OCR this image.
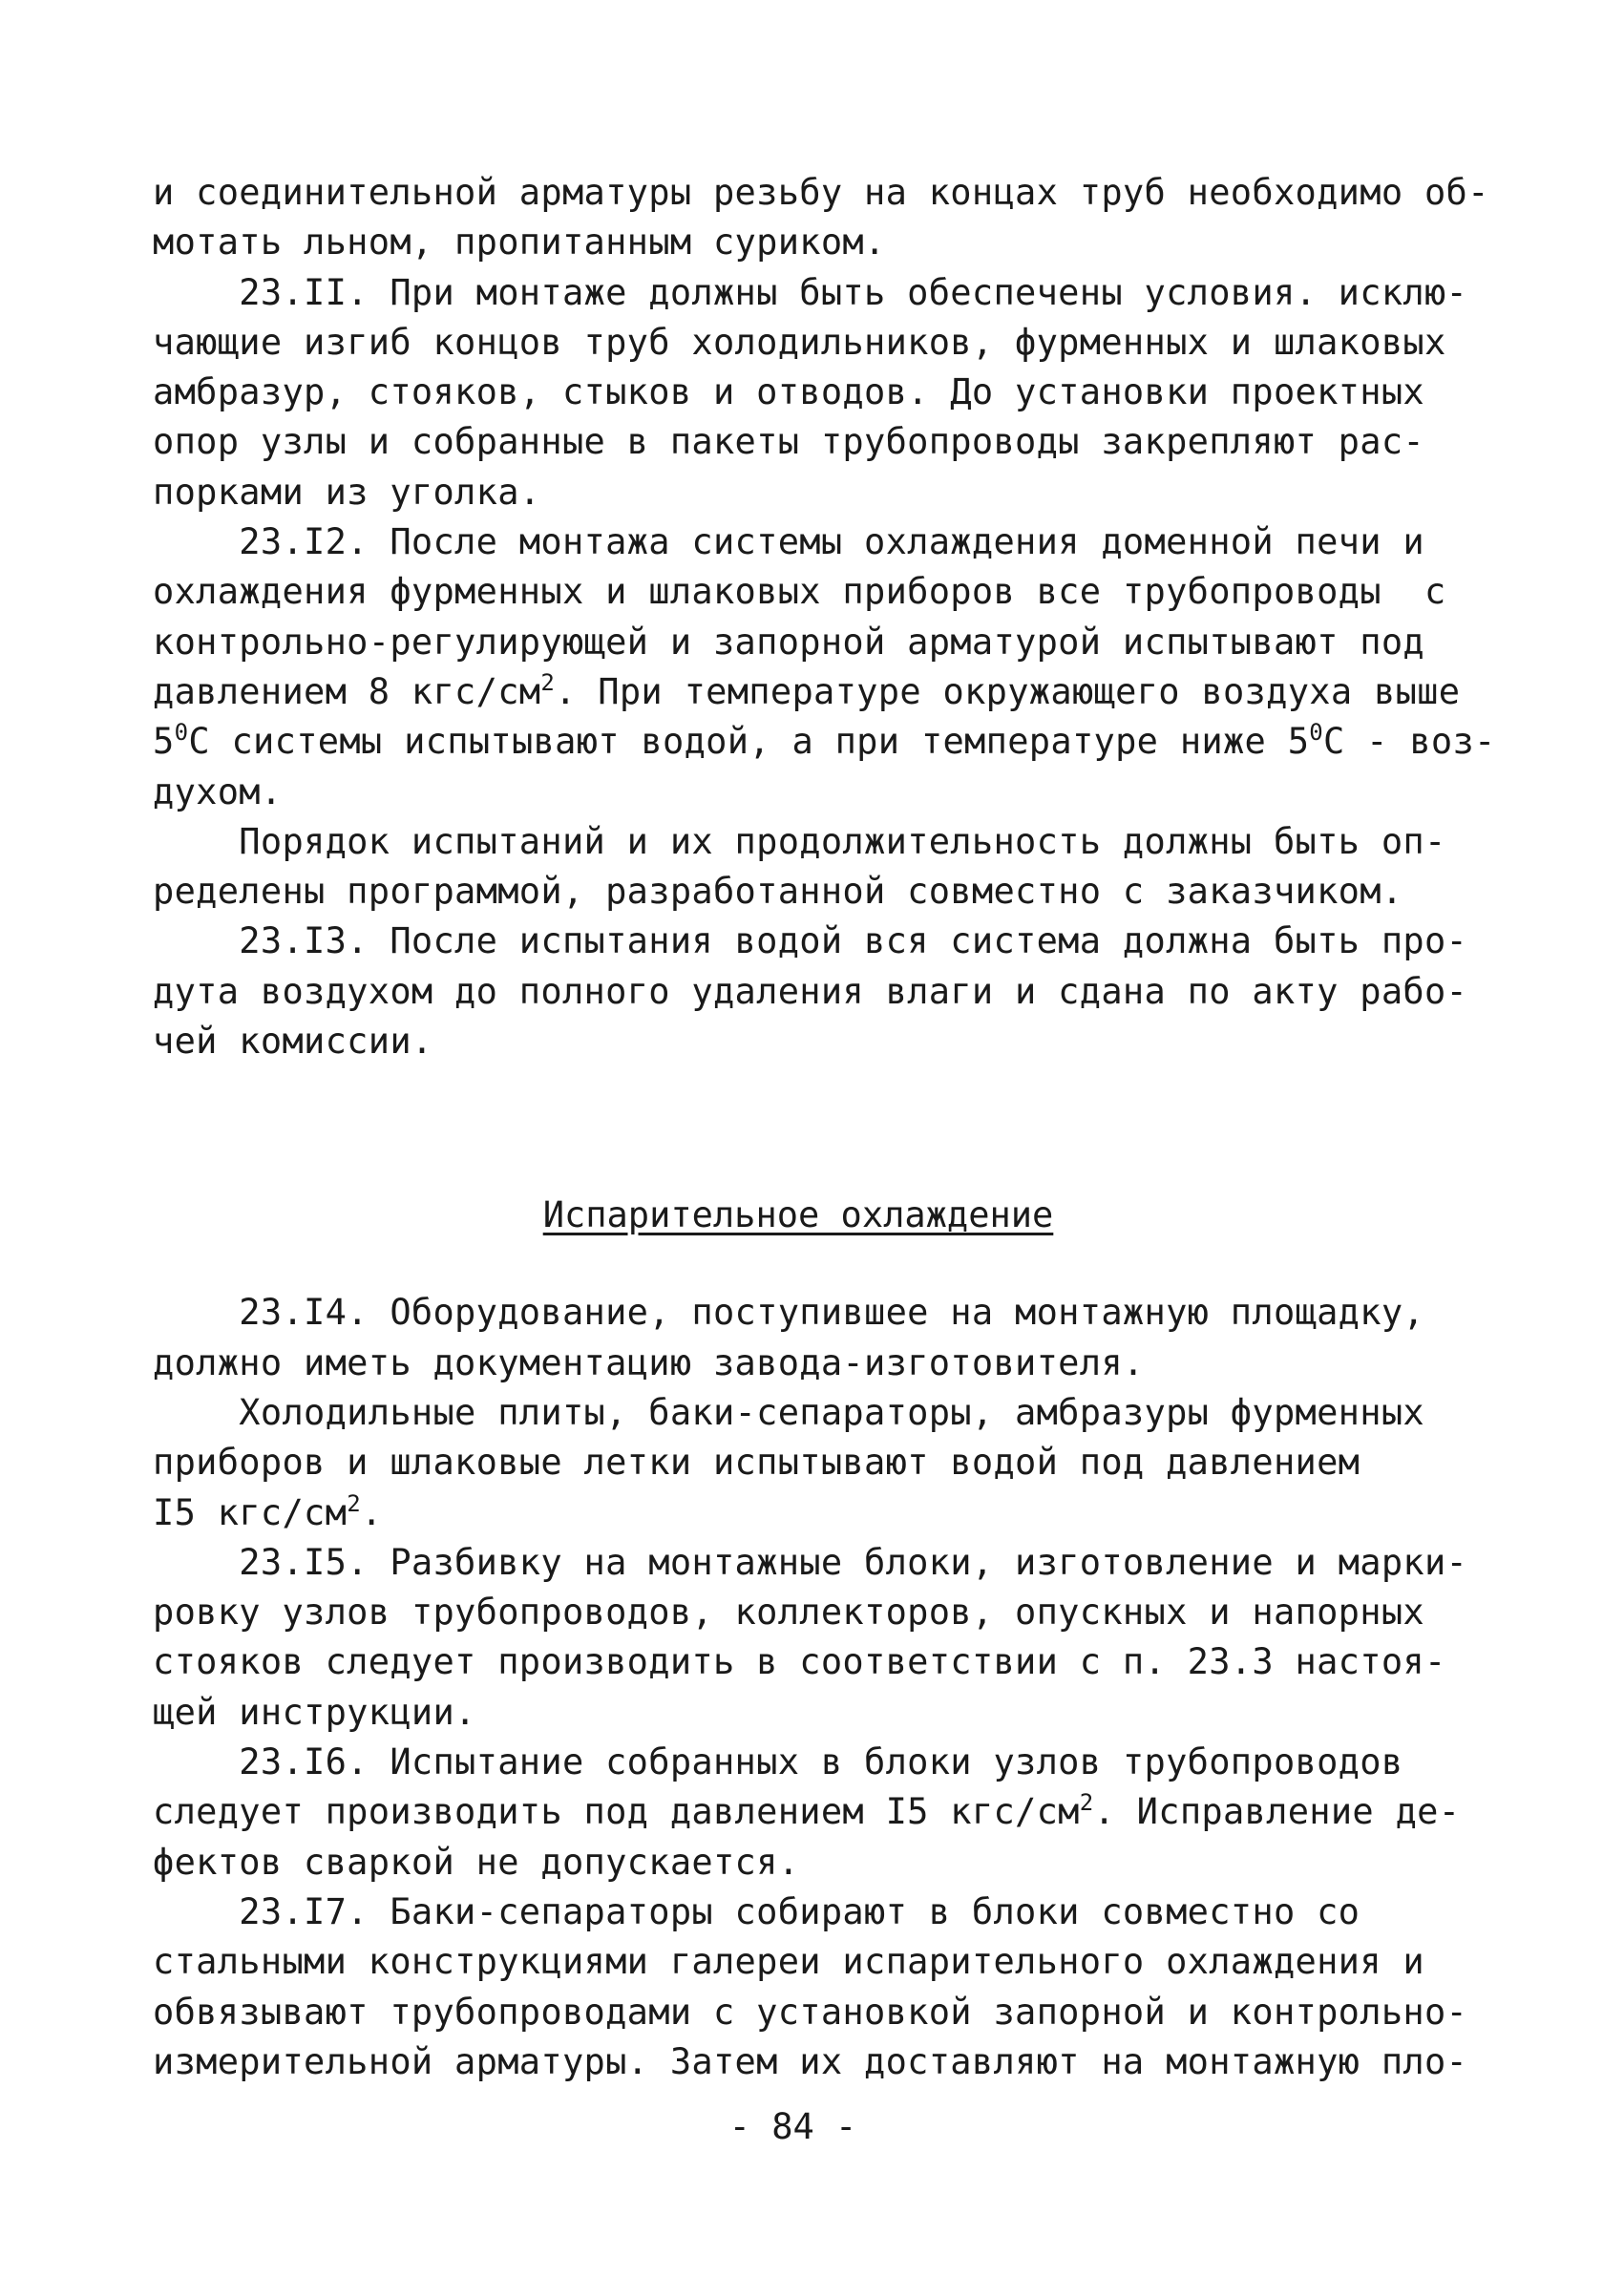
и соединительной арматуры резьбу на концах труб необходимо об-
мотать льном, пропитанным суриком.
23.II. При монтаже должны быть обеспечены условия. исклю-
чающие изгиб концов труб холодильников, фурменных и шлаковых
амбразур, стояков, стыков и отводов. До установки проектных
опор узлы и собранные в пакеты трубопроводы закрепляют рас-
порками из уголка.
23.I2. После монтажа системы охлаждения доменной печи и
охлаждения фурменных и шлаковых приборов все трубопроводы  с
контрольно-регулирующей и запорной арматурой испытывают под
давлением 8 кгс/$см^2$. При температуре окружающего воздуха выше
$5^0С$ системы испытывают водой, а при температуре ниже $5^0С - воз-$
духом.
Порядок испытаний и их продолжительность должны быть оп-
ределены программой, разработанной совместно с заказчиком.
23.I3. После испытания водой вся система должна быть про-
дута воздухом до полного удаления влаги и сдана по акту рабо-
чей комиссии.
Испарительное охлаждение
23.I4. Оборудование, поступившее на монтажную площадку,
должно иметь документацию завода-изготовителя.
Холодильные плиты, баки-сепараторы, амбразуры фурменных
приборов и шлаковые летки испытывают водой под давлением
I5 кгс/$см^2$.
23.I5. Разбивку на монтажные блоки, изготовление и марки-
ровку узлов трубопроводов, коллекторов, опускных и напорных
стояков следует производить в соответствии с п. 23.3 настоя-
щей инструкции.
23.I6. Испытание собранных в блоки узлов трубопроводов
следует производить под давлением I5 кгс/$см^2$. Исправление де-
фектов сваркой не допускается.
23.I7. Баки-сепараторы собирают в блоки совместно со
стальными конструкциями галереи испарительного охлаждения и
обвязывают трубопроводами с установкой запорной и контрольно-
измерительной арматуры. Затем их доставляют на монтажную пло-
- 84 -
